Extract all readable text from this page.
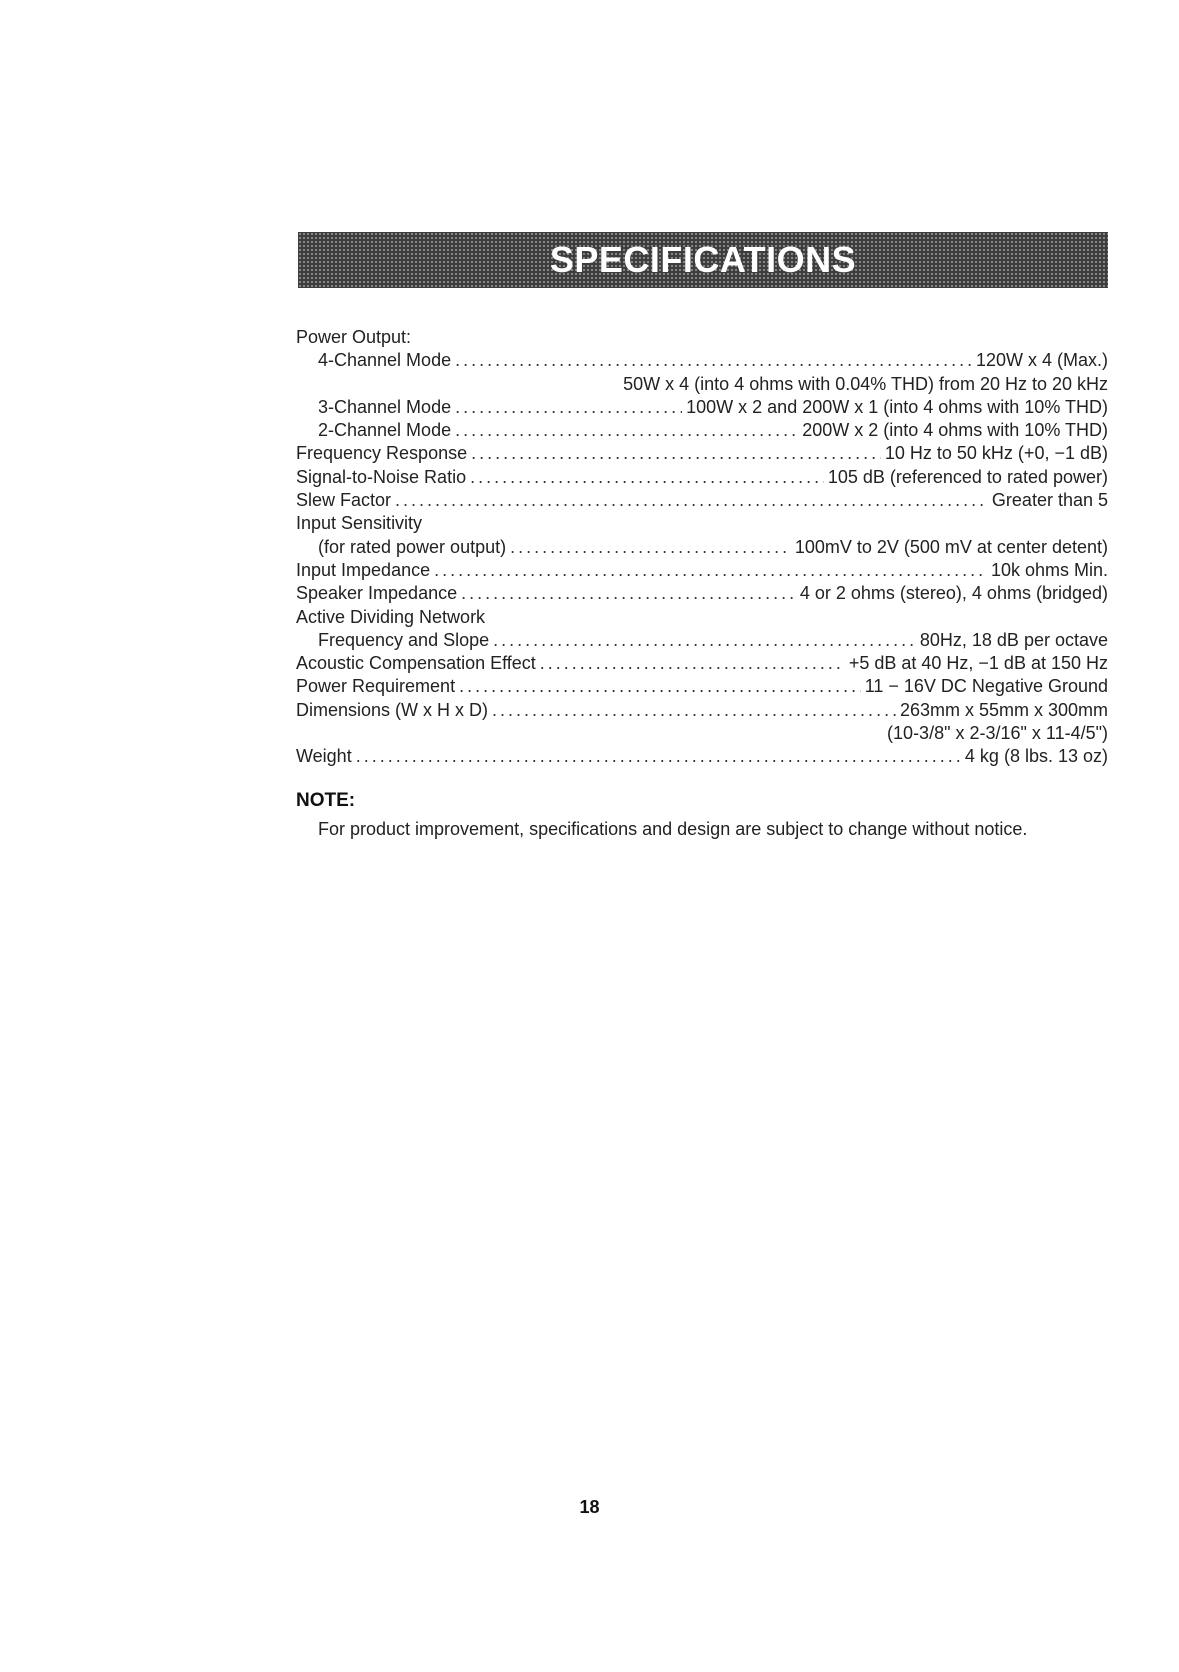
SPECIFICATIONS
Power Output:
4-Channel Mode .....	120W x 4 (Max.)
50W x 4 (into 4 ohms with 0.04% THD) from 20 Hz to 20 kHz
3-Channel Mode .....	100W x 2 and 200W x 1 (into 4 ohms with 10% THD)
2-Channel Mode .....	200W x 2 (into 4 ohms with 10% THD)
Frequency Response .....	10 Hz to 50 kHz (+0, −1 dB)
Signal-to-Noise Ratio .....	105 dB (referenced to rated power)
Slew Factor .....	Greater than 5
Input Sensitivity
(for rated power output) .....	100mV to 2V (500 mV at center detent)
Input Impedance .....	10k ohms Min.
Speaker Impedance .....	4 or 2 ohms (stereo), 4 ohms (bridged)
Active Dividing Network
Frequency and Slope .....	80Hz, 18 dB per octave
Acoustic Compensation Effect .....	+5 dB at 40 Hz, −1 dB at 150 Hz
Power Requirement .....	11 − 16V DC Negative Ground
Dimensions (W x H x D) .....	263mm x 55mm x 300mm
(10-3/8" x 2-3/16" x 11-4/5")
Weight .....	4 kg (8 lbs. 13 oz)
NOTE:
For product improvement, specifications and design are subject to change without notice.
18
